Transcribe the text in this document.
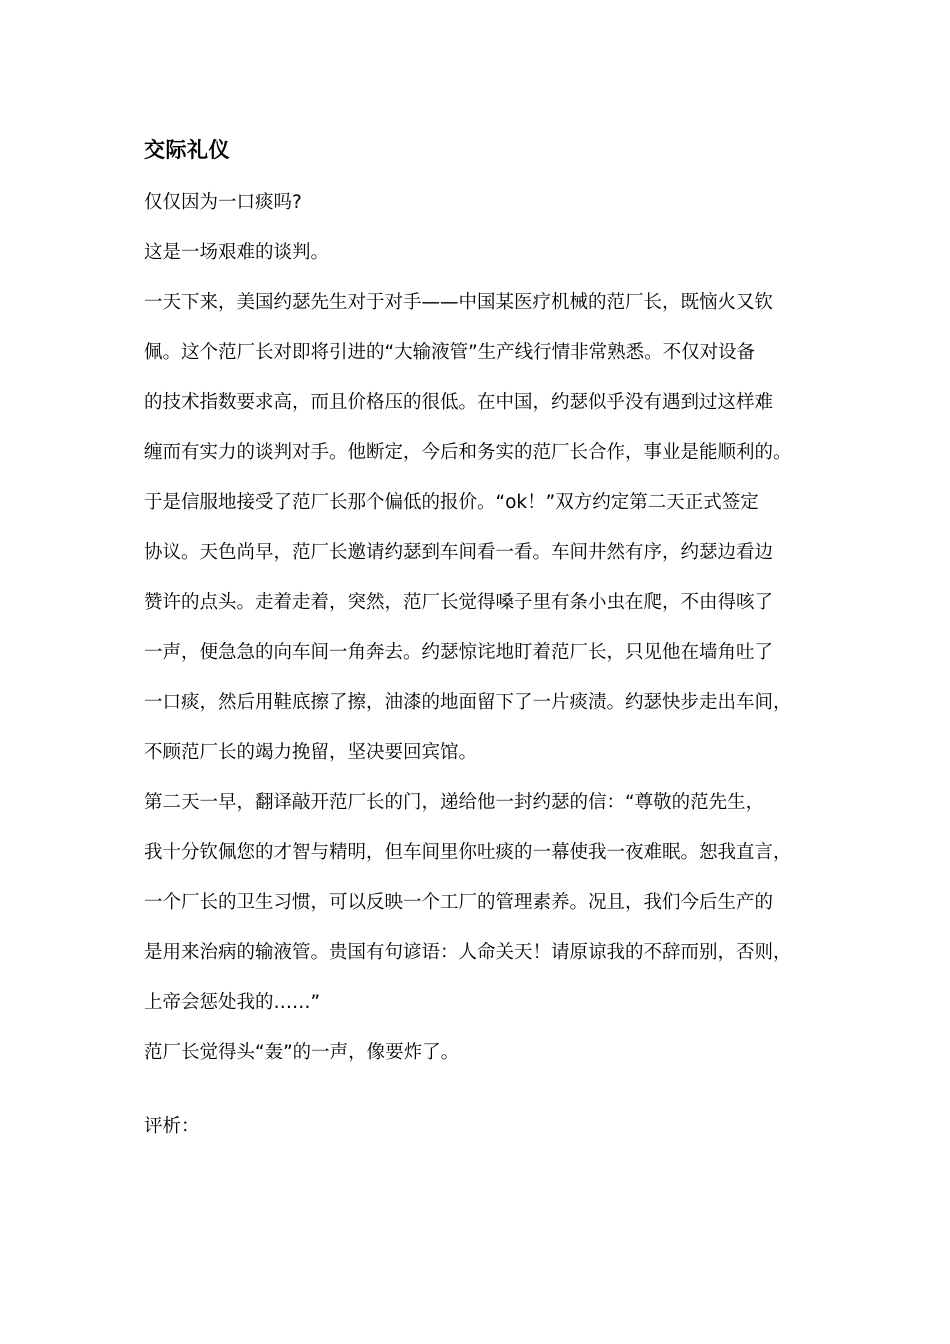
交际礼仪

仅仅因为一口痰吗?

这是一场艰难的谈判。

一天下来，美国约瑟先生对于对手——中国某医疗机械的范厂长，既恼火又钦
佩。这个范厂长对即将引进的“大输液管”生产线行情非常熟悉。不仅对设备
的技术指数要求高，而且价格压的很低。在中国，约瑟似乎没有遇到过这样难
缠而有实力的谈判对手。他断定，今后和务实的范厂长合作，事业是能顺利的。
于是信服地接受了范厂长那个偏低的报价。“ok！”双方约定第二天正式签定
协议。天色尚早，范厂长邀请约瑟到车间看一看。车间井然有序，约瑟边看边
赞许的点头。走着走着，突然，范厂长觉得嗓子里有条小虫在爬，不由得咳了
一声，便急急的向车间一角奔去。约瑟惊诧地盯着范厂长，只见他在墙角吐了
一口痰，然后用鞋底擦了擦，油漆的地面留下了一片痰渍。约瑟快步走出车间，
不顾范厂长的竭力挽留，坚决要回宾馆。
第二天一早，翻译敲开范厂长的门，递给他一封约瑟的信：“尊敬的范先生，
我十分钦佩您的才智与精明，但车间里你吐痰的一幕使我一夜难眠。恕我直言，
一个厂长的卫生习惯，可以反映一个工厂的管理素养。况且，我们今后生产的
是用来治病的输液管。贵国有句谚语：人命关天！请原谅我的不辞而别，否则，
上帝会惩处我的……”

范厂长觉得头“轰”的一声，像要炸了。

评析：
